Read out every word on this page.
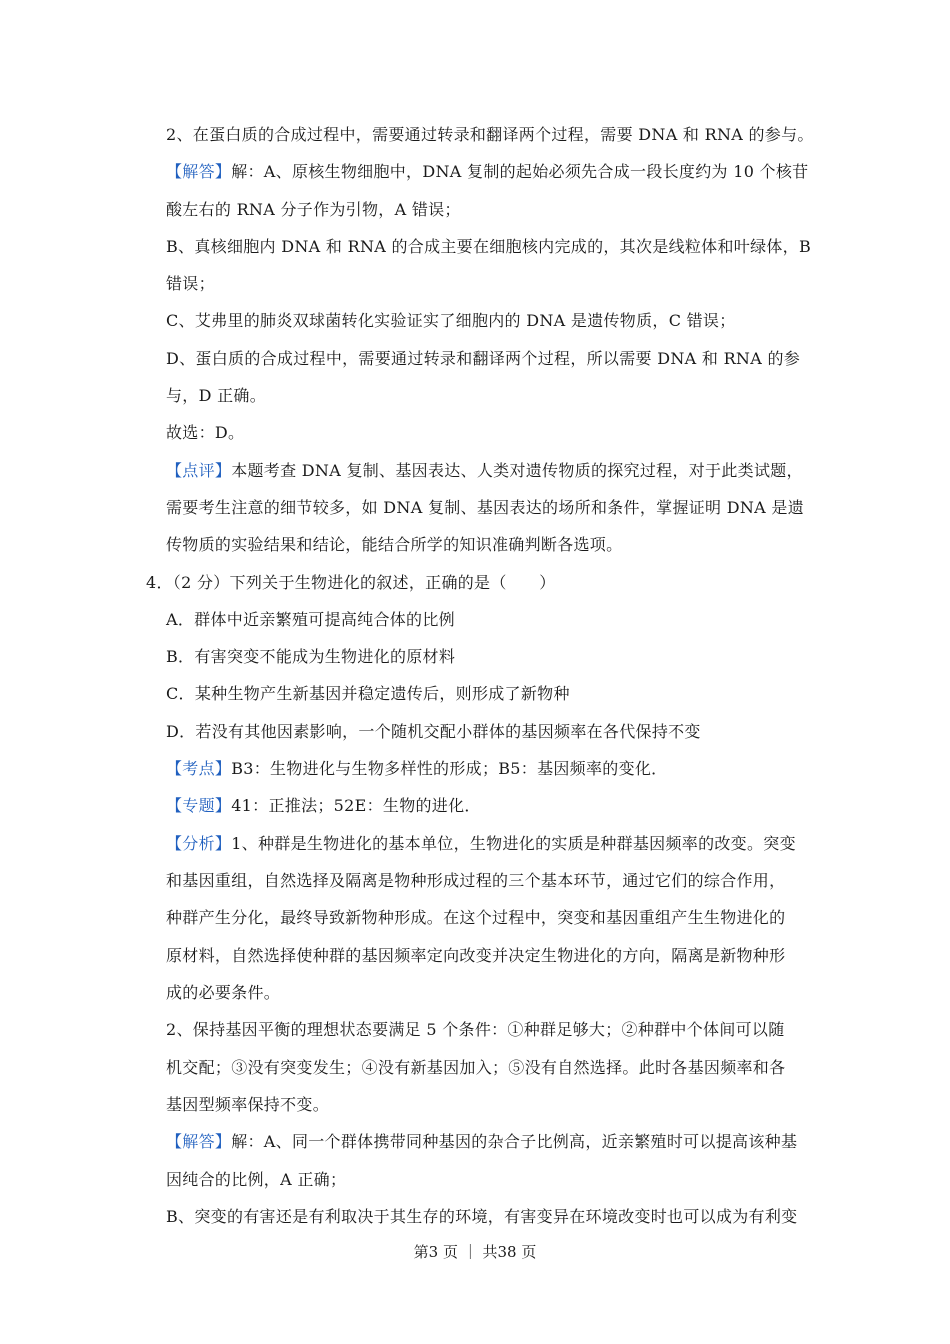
2、在蛋白质的合成过程中，需要通过转录和翻译两个过程，需要 DNA 和 RNA 的参与。
【解答】解：A、原核生物细胞中，DNA 复制的起始必须先合成一段长度约为 10 个核苷
酸左右的 RNA 分子作为引物，A 错误；
B、真核细胞内 DNA 和 RNA 的合成主要在细胞核内完成的，其次是线粒体和叶绿体，B
错误；
C、艾弗里的肺炎双球菌转化实验证实了细胞内的 DNA 是遗传物质，C 错误；
D、蛋白质的合成过程中，需要通过转录和翻译两个过程，所以需要 DNA 和 RNA 的参
与，D 正确。
故选：D。
【点评】本题考查 DNA 复制、基因表达、人类对遗传物质的探究过程，对于此类试题，
需要考生注意的细节较多，如 DNA 复制、基因表达的场所和条件，掌握证明 DNA 是遗
传物质的实验结果和结论，能结合所学的知识准确判断各选项。
4．（2 分）下列关于生物进化的叙述，正确的是（　　）
A．群体中近亲繁殖可提高纯合体的比例
B．有害突变不能成为生物进化的原材料
C．某种生物产生新基因并稳定遗传后，则形成了新物种
D．若没有其他因素影响，一个随机交配小群体的基因频率在各代保持不变
【考点】B3：生物进化与生物多样性的形成；B5：基因频率的变化．
【专题】41：正推法；52E：生物的进化．
【分析】1、种群是生物进化的基本单位，生物进化的实质是种群基因频率的改变。突变
和基因重组，自然选择及隔离是物种形成过程的三个基本环节，通过它们的综合作用，
种群产生分化，最终导致新物种形成。在这个过程中，突变和基因重组产生生物进化的
原材料，自然选择使种群的基因频率定向改变并决定生物进化的方向，隔离是新物种形
成的必要条件。
2、保持基因平衡的理想状态要满足 5 个条件：①种群足够大；②种群中个体间可以随
机交配；③没有突变发生；④没有新基因加入；⑤没有自然选择。此时各基因频率和各
基因型频率保持不变。
【解答】解：A、同一个群体携带同种基因的杂合子比例高，近亲繁殖时可以提高该种基
因纯合的比例，A 正确；
B、突变的有害还是有利取决于其生存的环境，有害变异在环境改变时也可以成为有利变
第3 页 ｜ 共38 页
